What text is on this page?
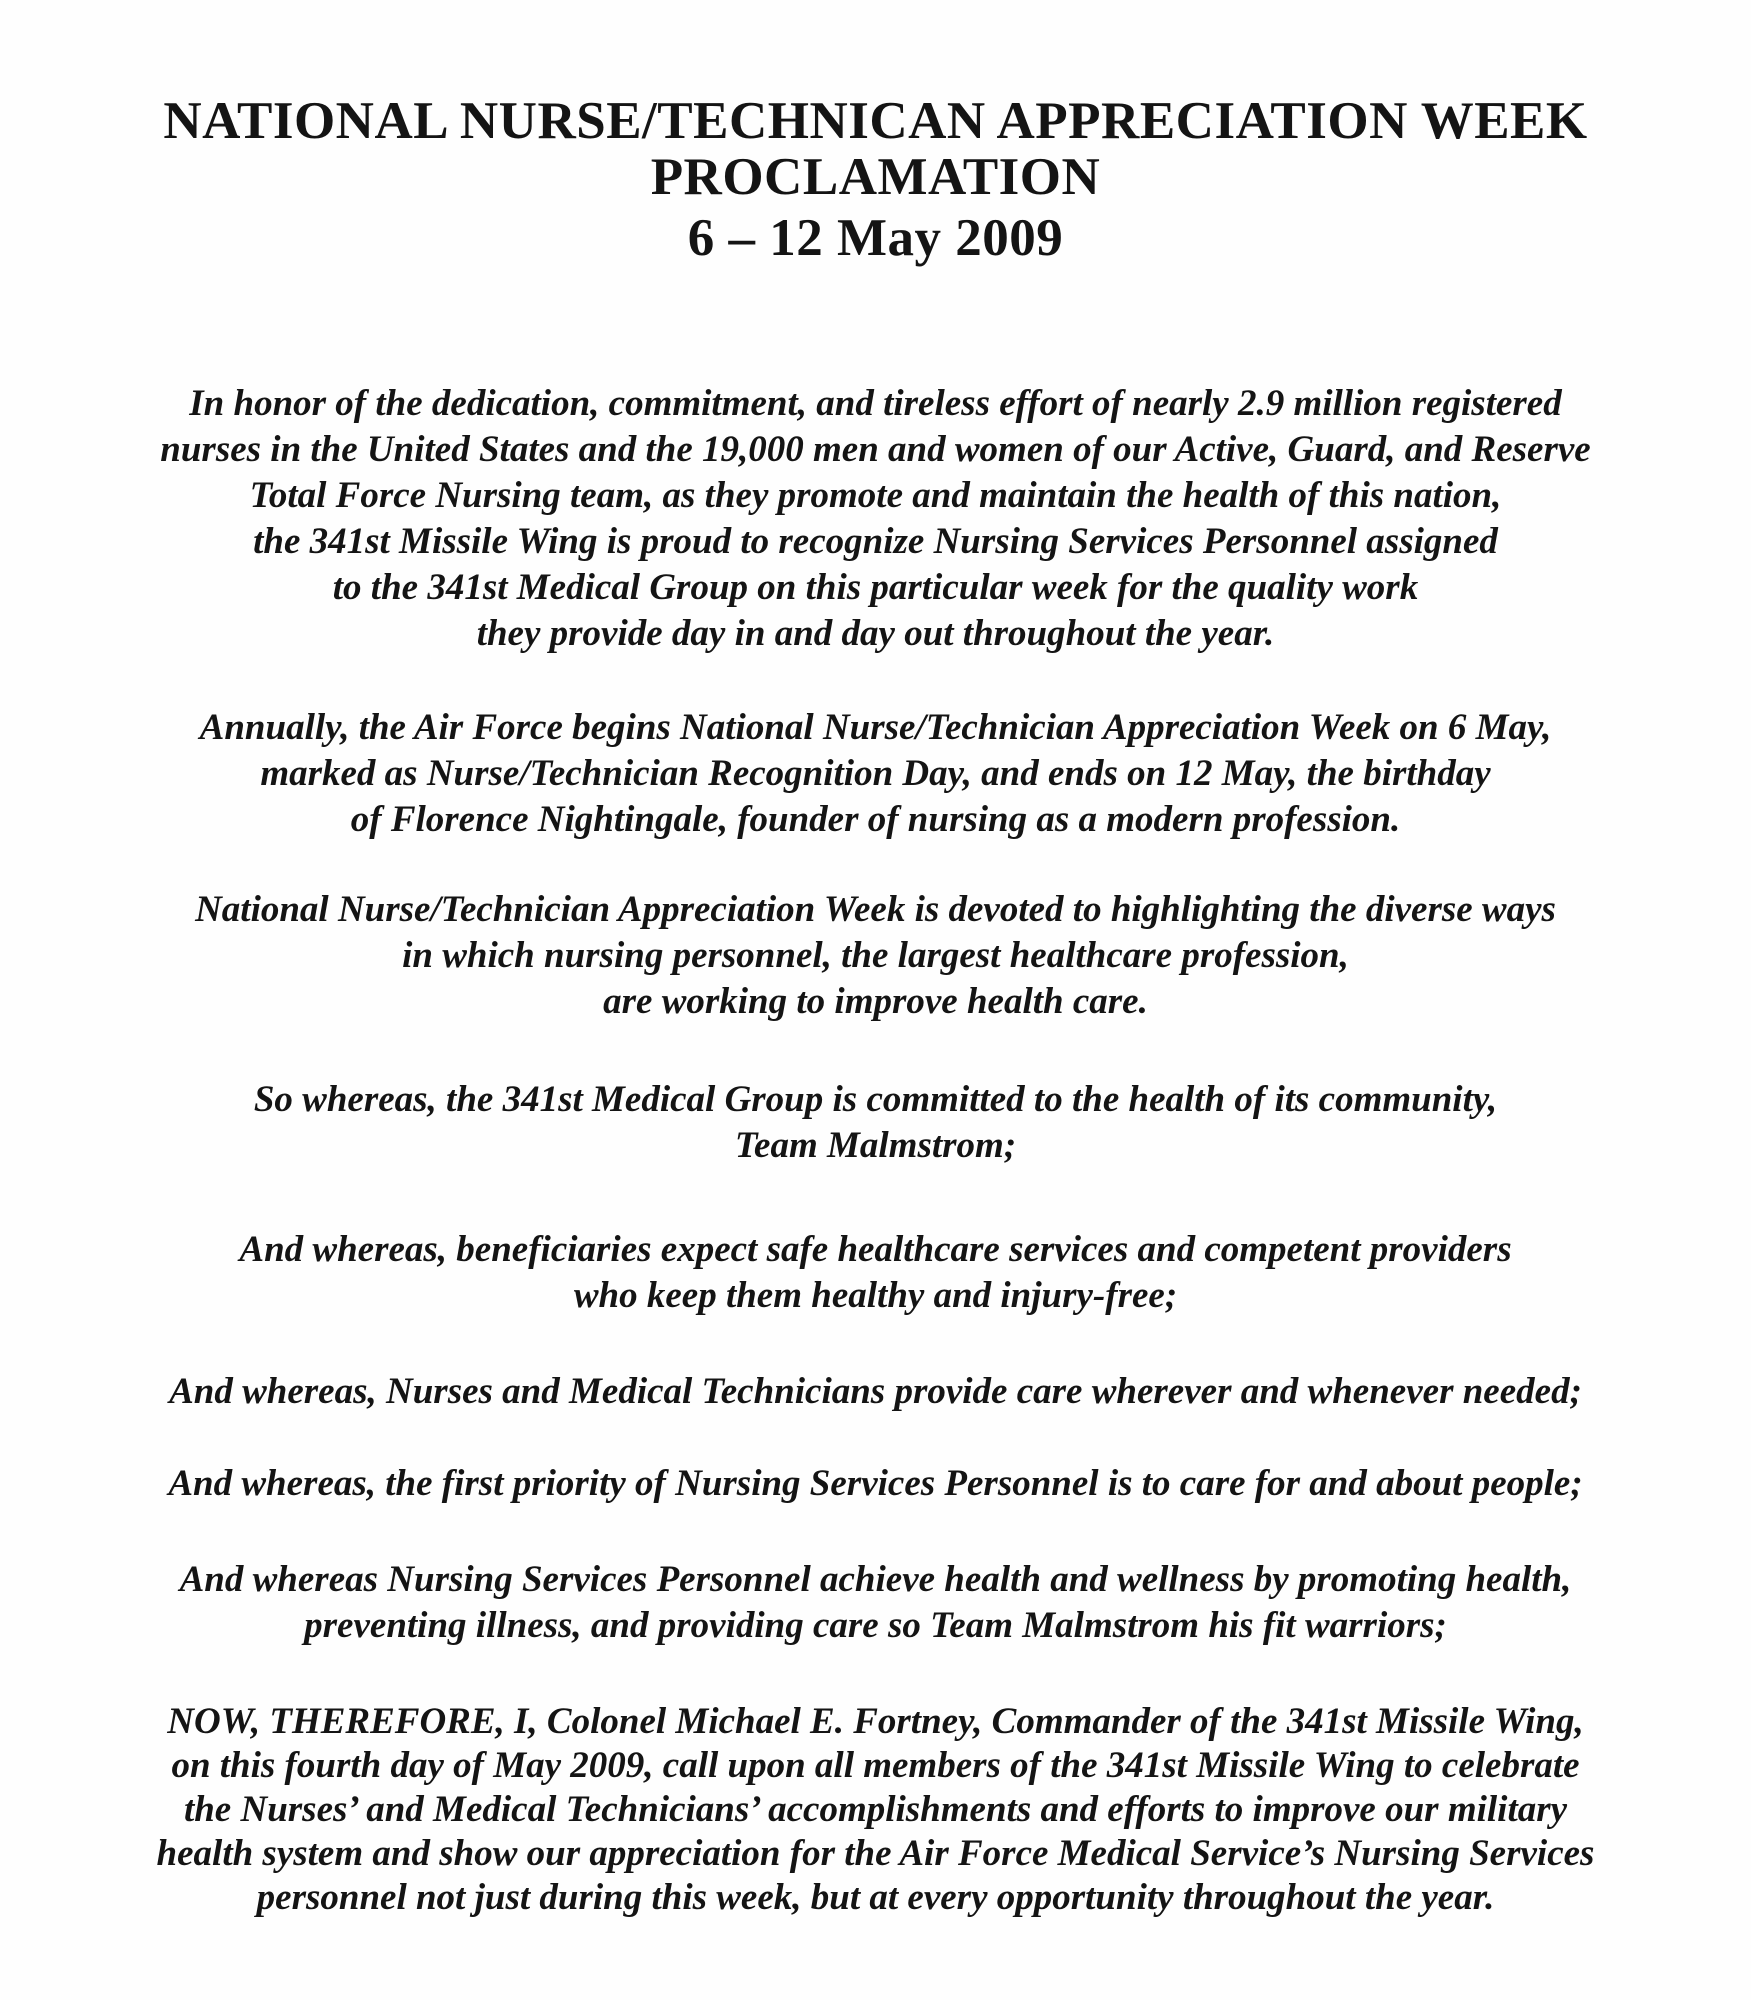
NATIONAL NURSE/TECHNICAN APPRECIATION WEEK
PROCLAMATION
6 – 12 May 2009

In honor of the dedication, commitment, and tireless effort of nearly 2.9 million registered

nurses in the United States and the 19,000 men and women of our Active, Guard, and Reserve

Total Force Nursing team, as they promote and maintain the health of this nation,

the 341st Missile Wing is proud to recognize Nursing Services Personnel assigned

to the 341st Medical Group on this particular week for the quality work

they provide day in and day out throughout the year.

Annually, the Air Force begins National Nurse/Technician Appreciation Week on 6 May,

marked as Nurse/Technician Recognition Day, and ends on 12 May, the birthday

of Florence Nightingale, founder of nursing as a modern profession.

National Nurse/Technician Appreciation Week is devoted to highlighting the diverse ways

in which nursing personnel, the largest healthcare profession,

are working to improve health care.

So whereas, the 341st Medical Group is committed to the health of its community,

Team Malmstrom;

And whereas, beneficiaries expect safe healthcare services and competent providers

who keep them healthy and injury-free;

And whereas, Nurses and Medical Technicians provide care wherever and whenever needed;

And whereas, the first priority of Nursing Services Personnel is to care for and about people;

And whereas Nursing Services Personnel achieve health and wellness by promoting health,

preventing illness, and providing care so Team Malmstrom his fit warriors;

NOW, THEREFORE, I, Colonel Michael E. Fortney, Commander of the 341st Missile Wing,

on this fourth day of May 2009, call upon all members of the 341st Missile Wing to celebrate

the Nurses’ and Medical Technicians’ accomplishments and efforts to improve our military

health system and show our appreciation for the Air Force Medical Service’s Nursing Services

personnel not just during this week, but at every opportunity throughout the year.
